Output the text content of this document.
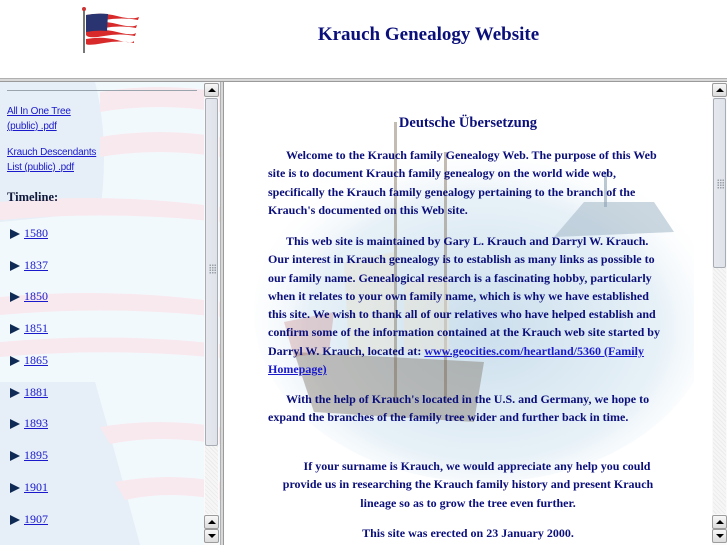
Krauch Genealogy Website
All In One Tree
(public) .pdf
Krauch Descendants
List (public) .pdf
Timeline:
1580
1837
1850
1851
1865
1881
1893
1895
1901
1907
Deutsche Übersetzung
Welcome to the Krauch family Genealogy Web. The purpose of this Web site is to document Krauch family genealogy on the world wide web, specifically the Krauch family genealogy pertaining to the branch of the Krauch's documented on this Web site.
This web site is maintained by Gary L. Krauch and Darryl W. Krauch. Our interest in Krauch genealogy is to establish as many links as possible to our family name. Genealogical research is a fascinating hobby, particularly when it relates to your own family name, which is why we have established this site. We wish to thank all of our relatives who have helped establish and confirm some of the information contained at the Krauch web site started by Darryl W. Krauch, located at: www.geocities.com/heartland/5360 (Family Homepage)
With the help of Krauch's located in the U.S. and Germany, we hope to expand the branches of the family tree wider and further back in time.
If your surname is Krauch, we would appreciate any help you could provide us in researching the Krauch family history and present Krauch lineage so as to grow the tree even further.
This site was erected on 23 January 2000.
